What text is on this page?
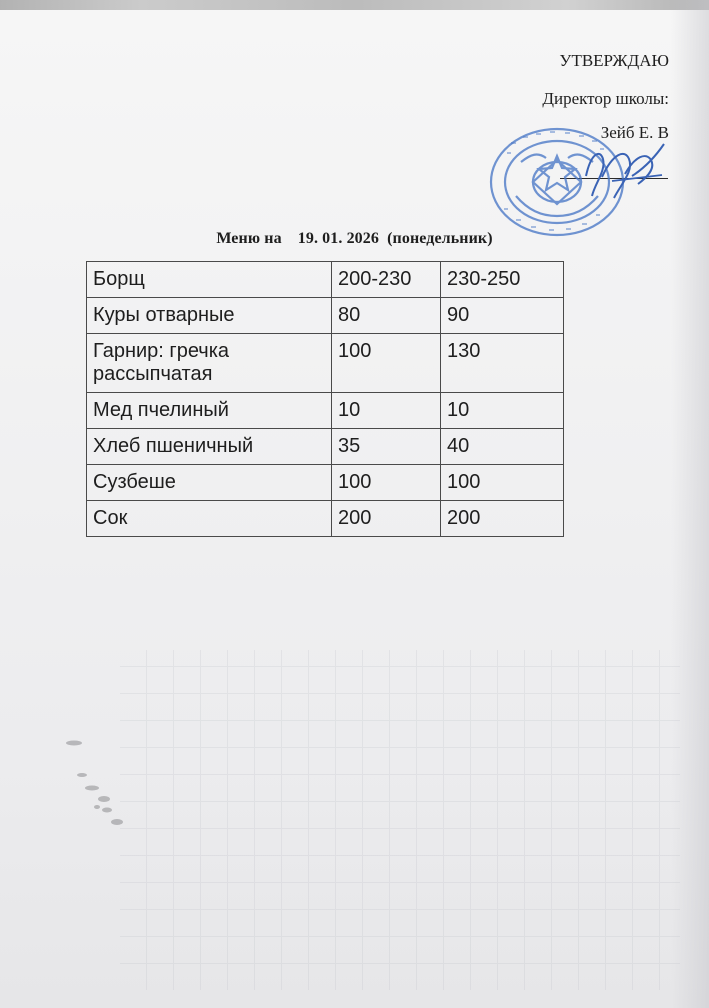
УТВЕРЖДАЮ
Директор школы:
Зейб Е. В
Меню на 19. 01. 2026 (понедельник)
Борщ	200-230	230-250
Куры отварные	80	90
Гарнир: гречка рассыпчатая	100	130
Мед пчелиный	10	10
Хлеб пшеничный	35	40
Сузбеше	100	100
Сок	200	200
